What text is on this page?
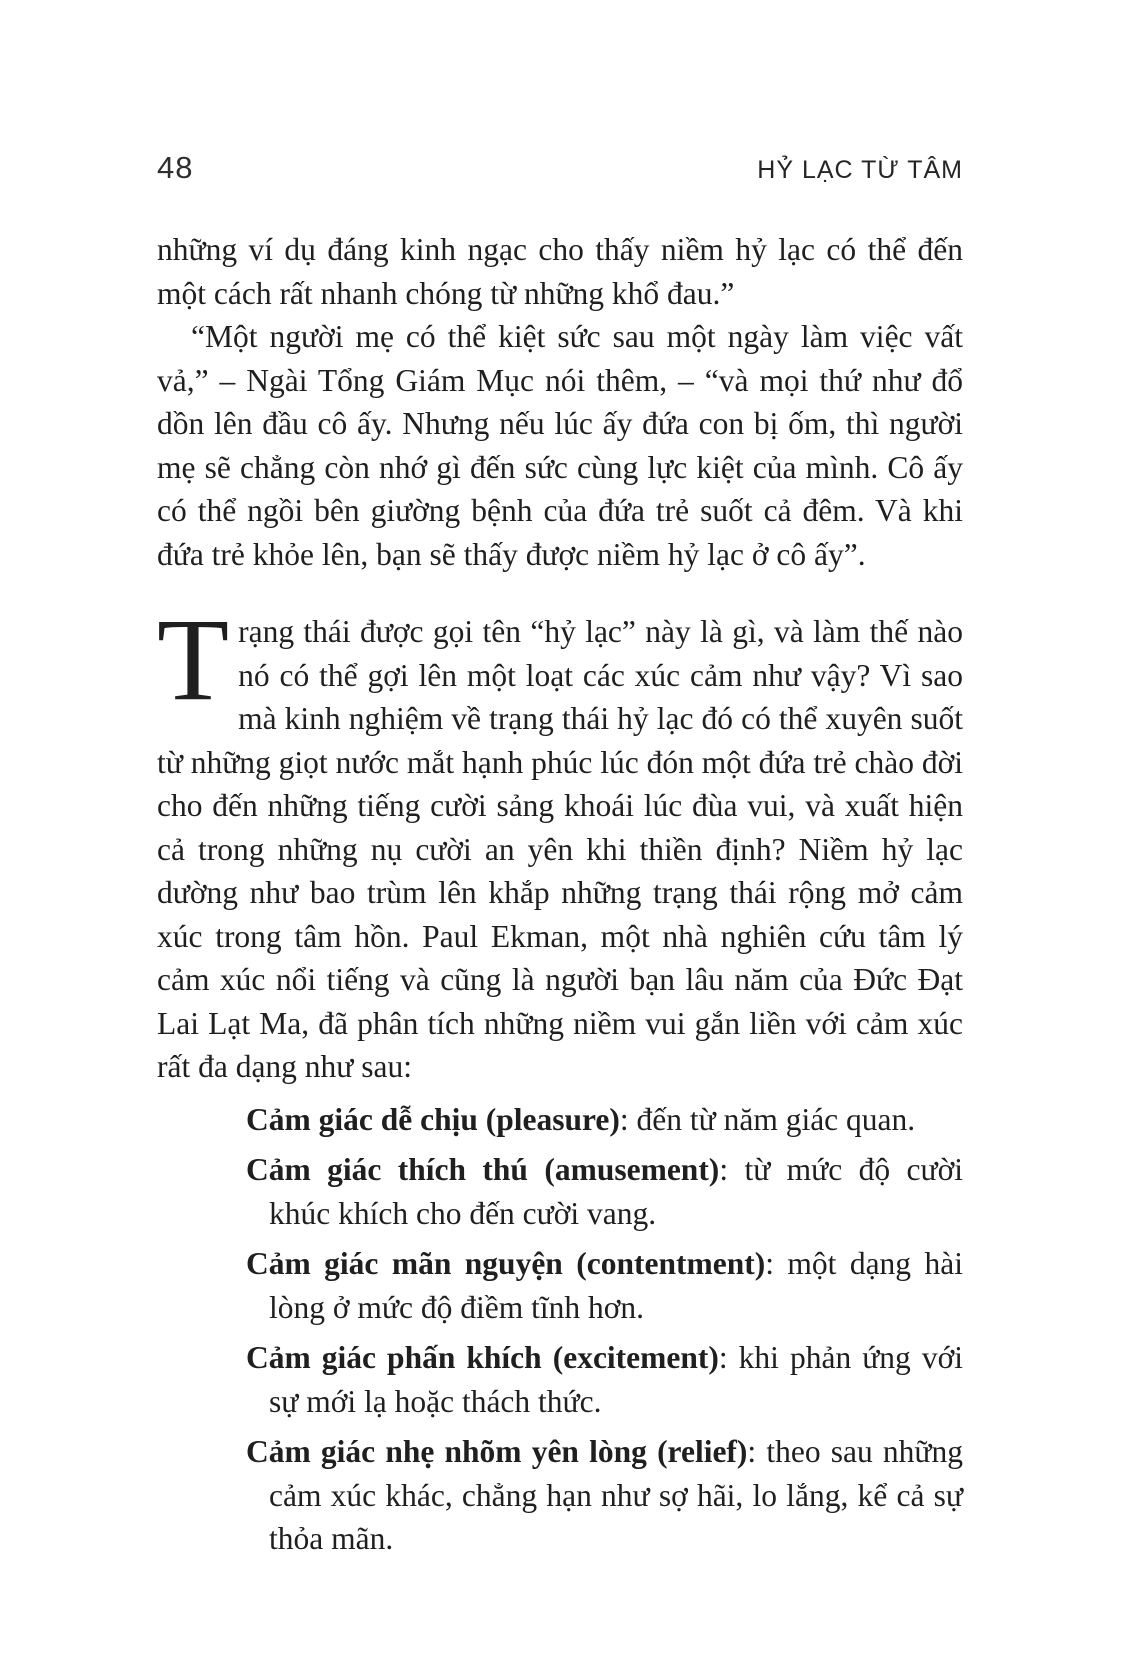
48	HỶ LẠC TỪ TÂM

những ví dụ đáng kinh ngạc cho thấy niềm hỷ lạc có thể đến một cách rất nhanh chóng từ những khổ đau.”

“Một người mẹ có thể kiệt sức sau một ngày làm việc vất vả,” – Ngài Tổng Giám Mục nói thêm, – “và mọi thứ như đổ dồn lên đầu cô ấy. Nhưng nếu lúc ấy đứa con bị ốm, thì người mẹ sẽ chẳng còn nhớ gì đến sức cùng lực kiệt của mình. Cô ấy có thể ngồi bên giường bệnh của đứa trẻ suốt cả đêm. Và khi đứa trẻ khỏe lên, bạn sẽ thấy được niềm hỷ lạc ở cô ấy”.

Trạng thái được gọi tên “hỷ lạc” này là gì, và làm thế nào nó có thể gợi lên một loạt các xúc cảm như vậy? Vì sao mà kinh nghiệm về trạng thái hỷ lạc đó có thể xuyên suốt từ những giọt nước mắt hạnh phúc lúc đón một đứa trẻ chào đời cho đến những tiếng cười sảng khoái lúc đùa vui, và xuất hiện cả trong những nụ cười an yên khi thiền định? Niềm hỷ lạc dường như bao trùm lên khắp những trạng thái rộng mở cảm xúc trong tâm hồn. Paul Ekman, một nhà nghiên cứu tâm lý cảm xúc nổi tiếng và cũng là người bạn lâu năm của Đức Đạt Lai Lạt Ma, đã phân tích những niềm vui gắn liền với cảm xúc rất đa dạng như sau:

Cảm giác dễ chịu (pleasure): đến từ năm giác quan.

Cảm giác thích thú (amusement): từ mức độ cười khúc khích cho đến cười vang.

Cảm giác mãn nguyện (contentment): một dạng hài lòng ở mức độ điềm tĩnh hơn.

Cảm giác phấn khích (excitement): khi phản ứng với sự mới lạ hoặc thách thức.

Cảm giác nhẹ nhõm yên lòng (relief): theo sau những cảm xúc khác, chẳng hạn như sợ hãi, lo lắng, kể cả sự thỏa mãn.
